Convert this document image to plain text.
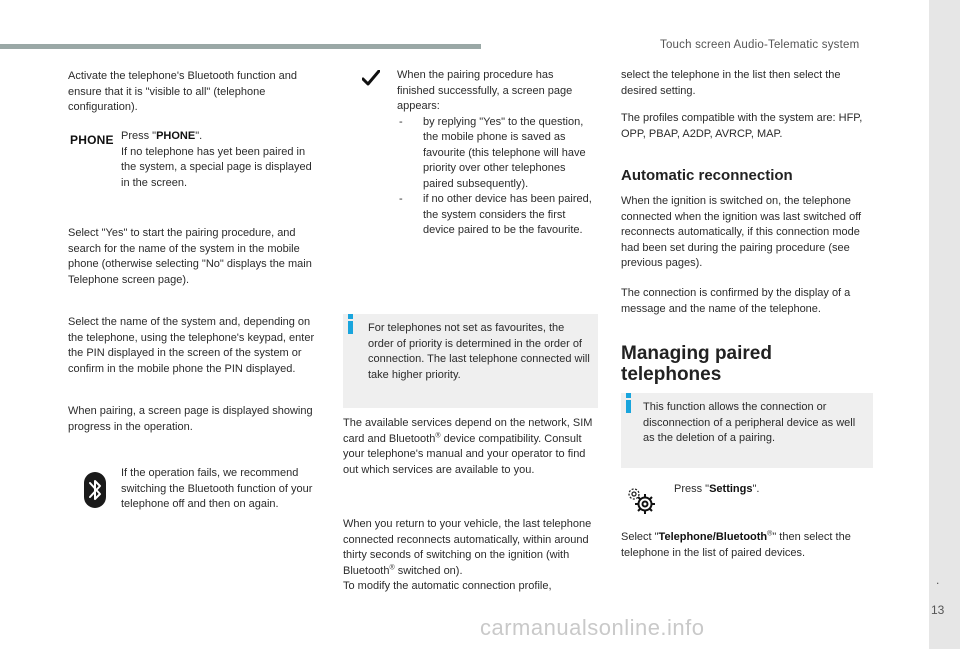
Touch screen Audio-Telematic system
.
13
carmanualsonline.info

Activate the telephone's Bluetooth function and ensure that it is "visible to all" (telephone configuration).

PHONE Press "PHONE".
If no telephone has yet been paired in the system, a special page is displayed in the screen.

Select "Yes" to start the pairing procedure, and search for the name of the system in the mobile phone (otherwise selecting "No" displays the main Telephone screen page).

Select the name of the system and, depending on the telephone, using the telephone's keypad, enter the PIN displayed in the screen of the system or confirm in the mobile phone the PIN displayed.

When pairing, a screen page is displayed showing progress in the operation.

If the operation fails, we recommend switching the Bluetooth function of your telephone off and then on again.

When the pairing procedure has finished successfully, a screen page appears:

- by replying "Yes" to the question, the mobile phone is saved as favourite (this telephone will have priority over other telephones paired subsequently).
- if no other device has been paired, the system considers the first device paired to be the favourite.

For telephones not set as favourites, the order of priority is determined in the order of connection. The last telephone connected will take higher priority.

The available services depend on the network, SIM card and Bluetooth® device compatibility. Consult your telephone's manual and your operator to find out which services are available to you.

When you return to your vehicle, the last telephone connected reconnects automatically, within around thirty seconds of switching on the ignition (with Bluetooth® switched on).
To modify the automatic connection profile,

select the telephone in the list then select the desired setting.

The profiles compatible with the system are: HFP, OPP, PBAP, A2DP, AVRCP, MAP.

Automatic reconnection

When the ignition is switched on, the telephone connected when the ignition was last switched off reconnects automatically, if this connection mode had been set during the pairing procedure (see previous pages).

The connection is confirmed by the display of a message and the name of the telephone.

Managing paired telephones

This function allows the connection or disconnection of a peripheral device as well as the deletion of a pairing.

Press "Settings".

Select "Telephone/Bluetooth®" then select the telephone in the list of paired devices.
